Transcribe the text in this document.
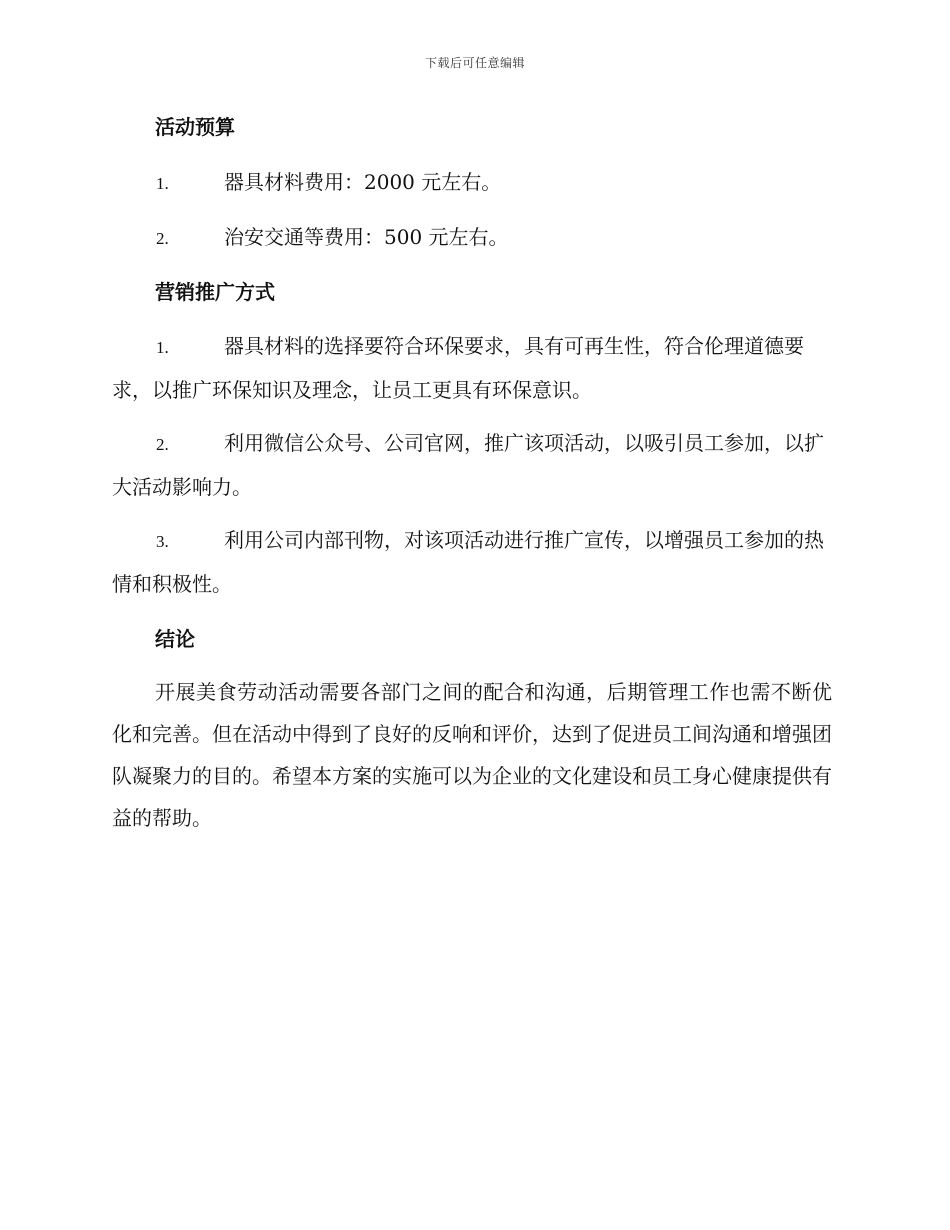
下载后可任意编辑
活动预算
1.	器具材料费用：2000 元左右。
2.	治安交通等费用：500 元左右。
营销推广方式
1.	器具材料的选择要符合环保要求，具有可再生性，符合伦理道德要求，以推广环保知识及理念，让员工更具有环保意识。
2.	利用微信公众号、公司官网，推广该项活动，以吸引员工参加，以扩大活动影响力。
3.	利用公司内部刊物，对该项活动进行推广宣传，以增强员工参加的热情和积极性。
结论
开展美食劳动活动需要各部门之间的配合和沟通，后期管理工作也需不断优化和完善。但在活动中得到了良好的反响和评价，达到了促进员工间沟通和增强团队凝聚力的目的。希望本方案的实施可以为企业的文化建设和员工身心健康提供有益的帮助。
